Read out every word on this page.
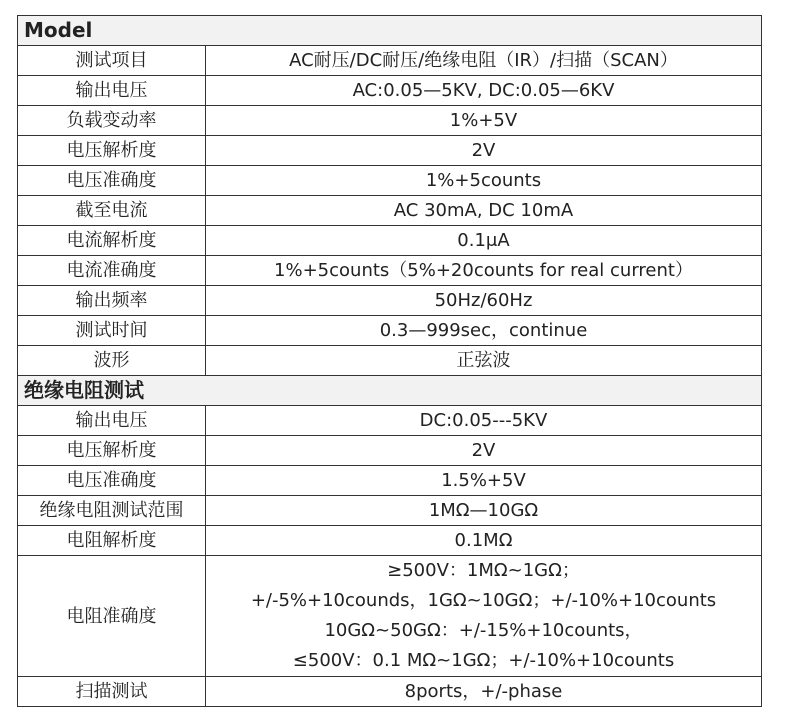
Model	
测试项目	AC耐压/DC耐压/绝缘电阻（IR）/扫描（SCAN）
输出电压	AC:0.05—5KV, DC:0.05—6KV
负载变动率	1%+5V
电压解析度	2V
电压准确度	1%+5counts
截至电流	AC 30mA, DC 10mA
电流解析度	0.1μA
电流准确度	1%+5counts（5%+20counts for real current）
输出频率	50Hz/60Hz
测试时间	0.3—999sec，continue
波形	正弦波
绝缘电阻测试	
输出电压	DC:0.05---5KV
电压解析度	2V
电压准确度	1.5%+5V
绝缘电阻测试范围	1MΩ—10GΩ
电阻解析度	0.1MΩ
电阻准确度	≥500V：1MΩ~1GΩ；
+/-5%+10counds，1GΩ~10GΩ；+/-10%+10counts
10GΩ~50GΩ：+/-15%+10counts，
≤500V：0.1 MΩ~1GΩ；+/-10%+10counts

扫描测试	8ports，+/-phase
